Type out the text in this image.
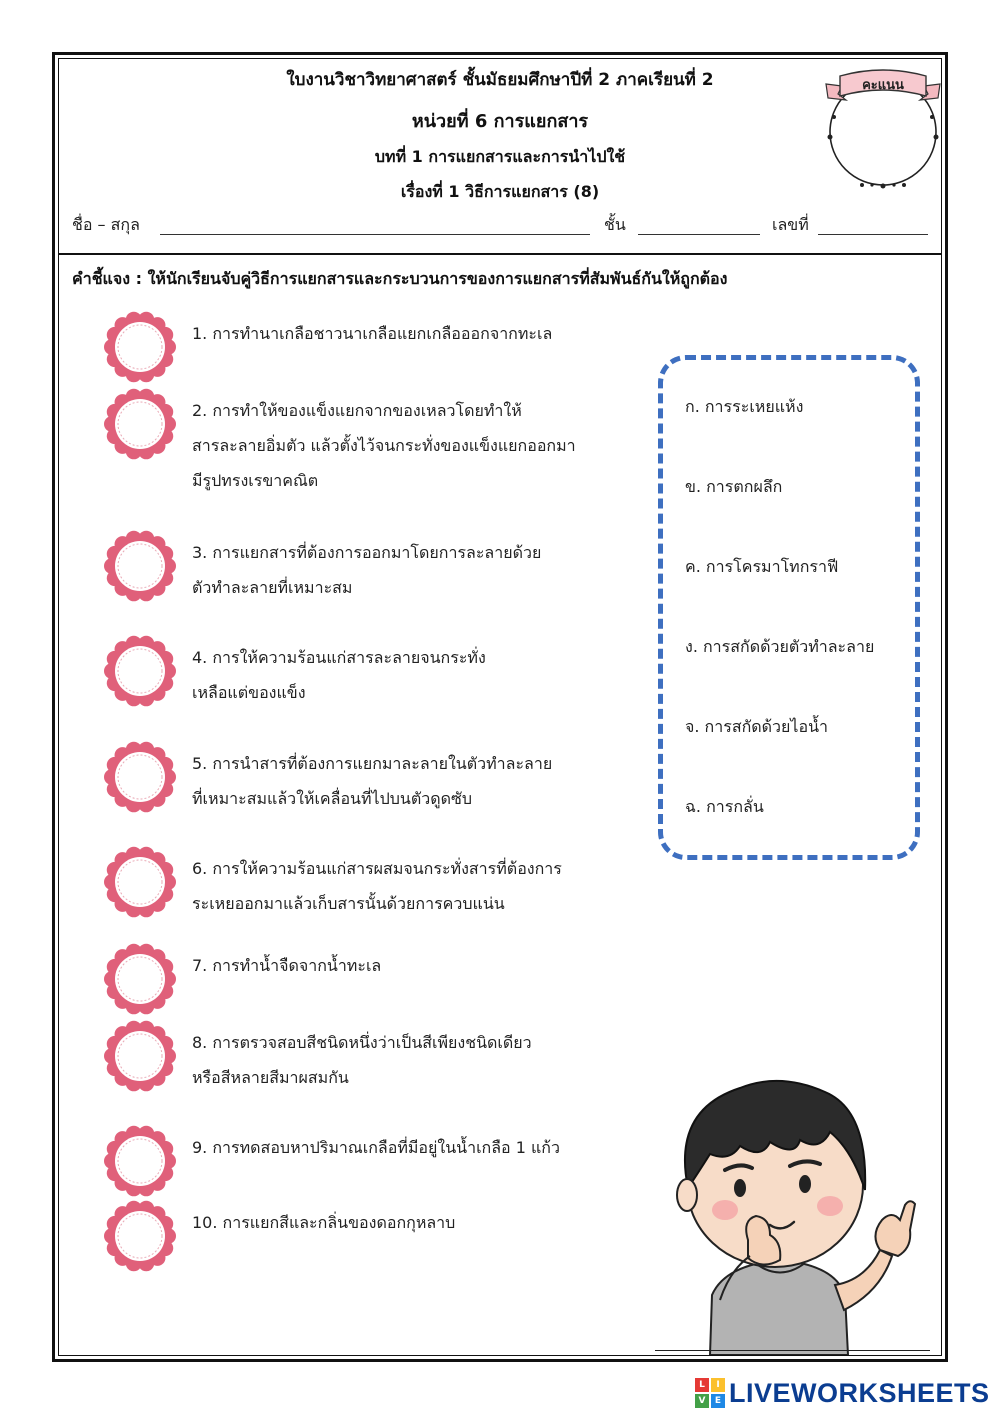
ใบงานวิชาวิทยาศาสตร์ ชั้นมัธยมศึกษาปีที่ 2 ภาคเรียนที่ 2
หน่วยที่ 6 การแยกสาร
บทที่ 1 การแยกสารและการนำไปใช้
เรื่องที่ 1 วิธีการแยกสาร (8)
คะแนน
ชื่อ – สกุล	ชั้น	เลขที่
คำชี้แจง : ให้นักเรียนจับคู่วิธีการแยกสารและกระบวนการของการแยกสารที่สัมพันธ์กันให้ถูกต้อง
1. การทำนาเกลือชาวนาเกลือแยกเกลือออกจากทะเล
2. การทำให้ของแข็งแยกจากของเหลวโดยทำให้
สารละลายอิ่มตัว แล้วตั้งไว้จนกระทั่งของแข็งแยกออกมา
มีรูปทรงเรขาคณิต
3. การแยกสารที่ต้องการออกมาโดยการละลายด้วย
ตัวทำละลายที่เหมาะสม
4. การให้ความร้อนแก่สารละลายจนกระทั่ง
เหลือแต่ของแข็ง
5. การนำสารที่ต้องการแยกมาละลายในตัวทำละลาย
ที่เหมาะสมแล้วให้เคลื่อนที่ไปบนตัวดูดซับ
6. การให้ความร้อนแก่สารผสมจนกระทั่งสารที่ต้องการ
ระเหยออกมาแล้วเก็บสารนั้นด้วยการควบแน่น
7. การทำน้ำจืดจากน้ำทะเล
8. การตรวจสอบสีชนิดหนึ่งว่าเป็นสีเพียงชนิดเดียว
หรือสีหลายสีมาผสมกัน
9. การทดสอบหาปริมาณเกลือที่มีอยู่ในน้ำเกลือ 1 แก้ว
10. การแยกสีและกลิ่นของดอกกุหลาบ
ก. การระเหยแห้ง
ข. การตกผลึก
ค. การโครมาโทกราฟี
ง. การสกัดด้วยตัวทำละลาย
จ. การสกัดด้วยไอน้ำ
ฉ. การกลั่น
L	I
V	E LIVEWORKSHEETS
